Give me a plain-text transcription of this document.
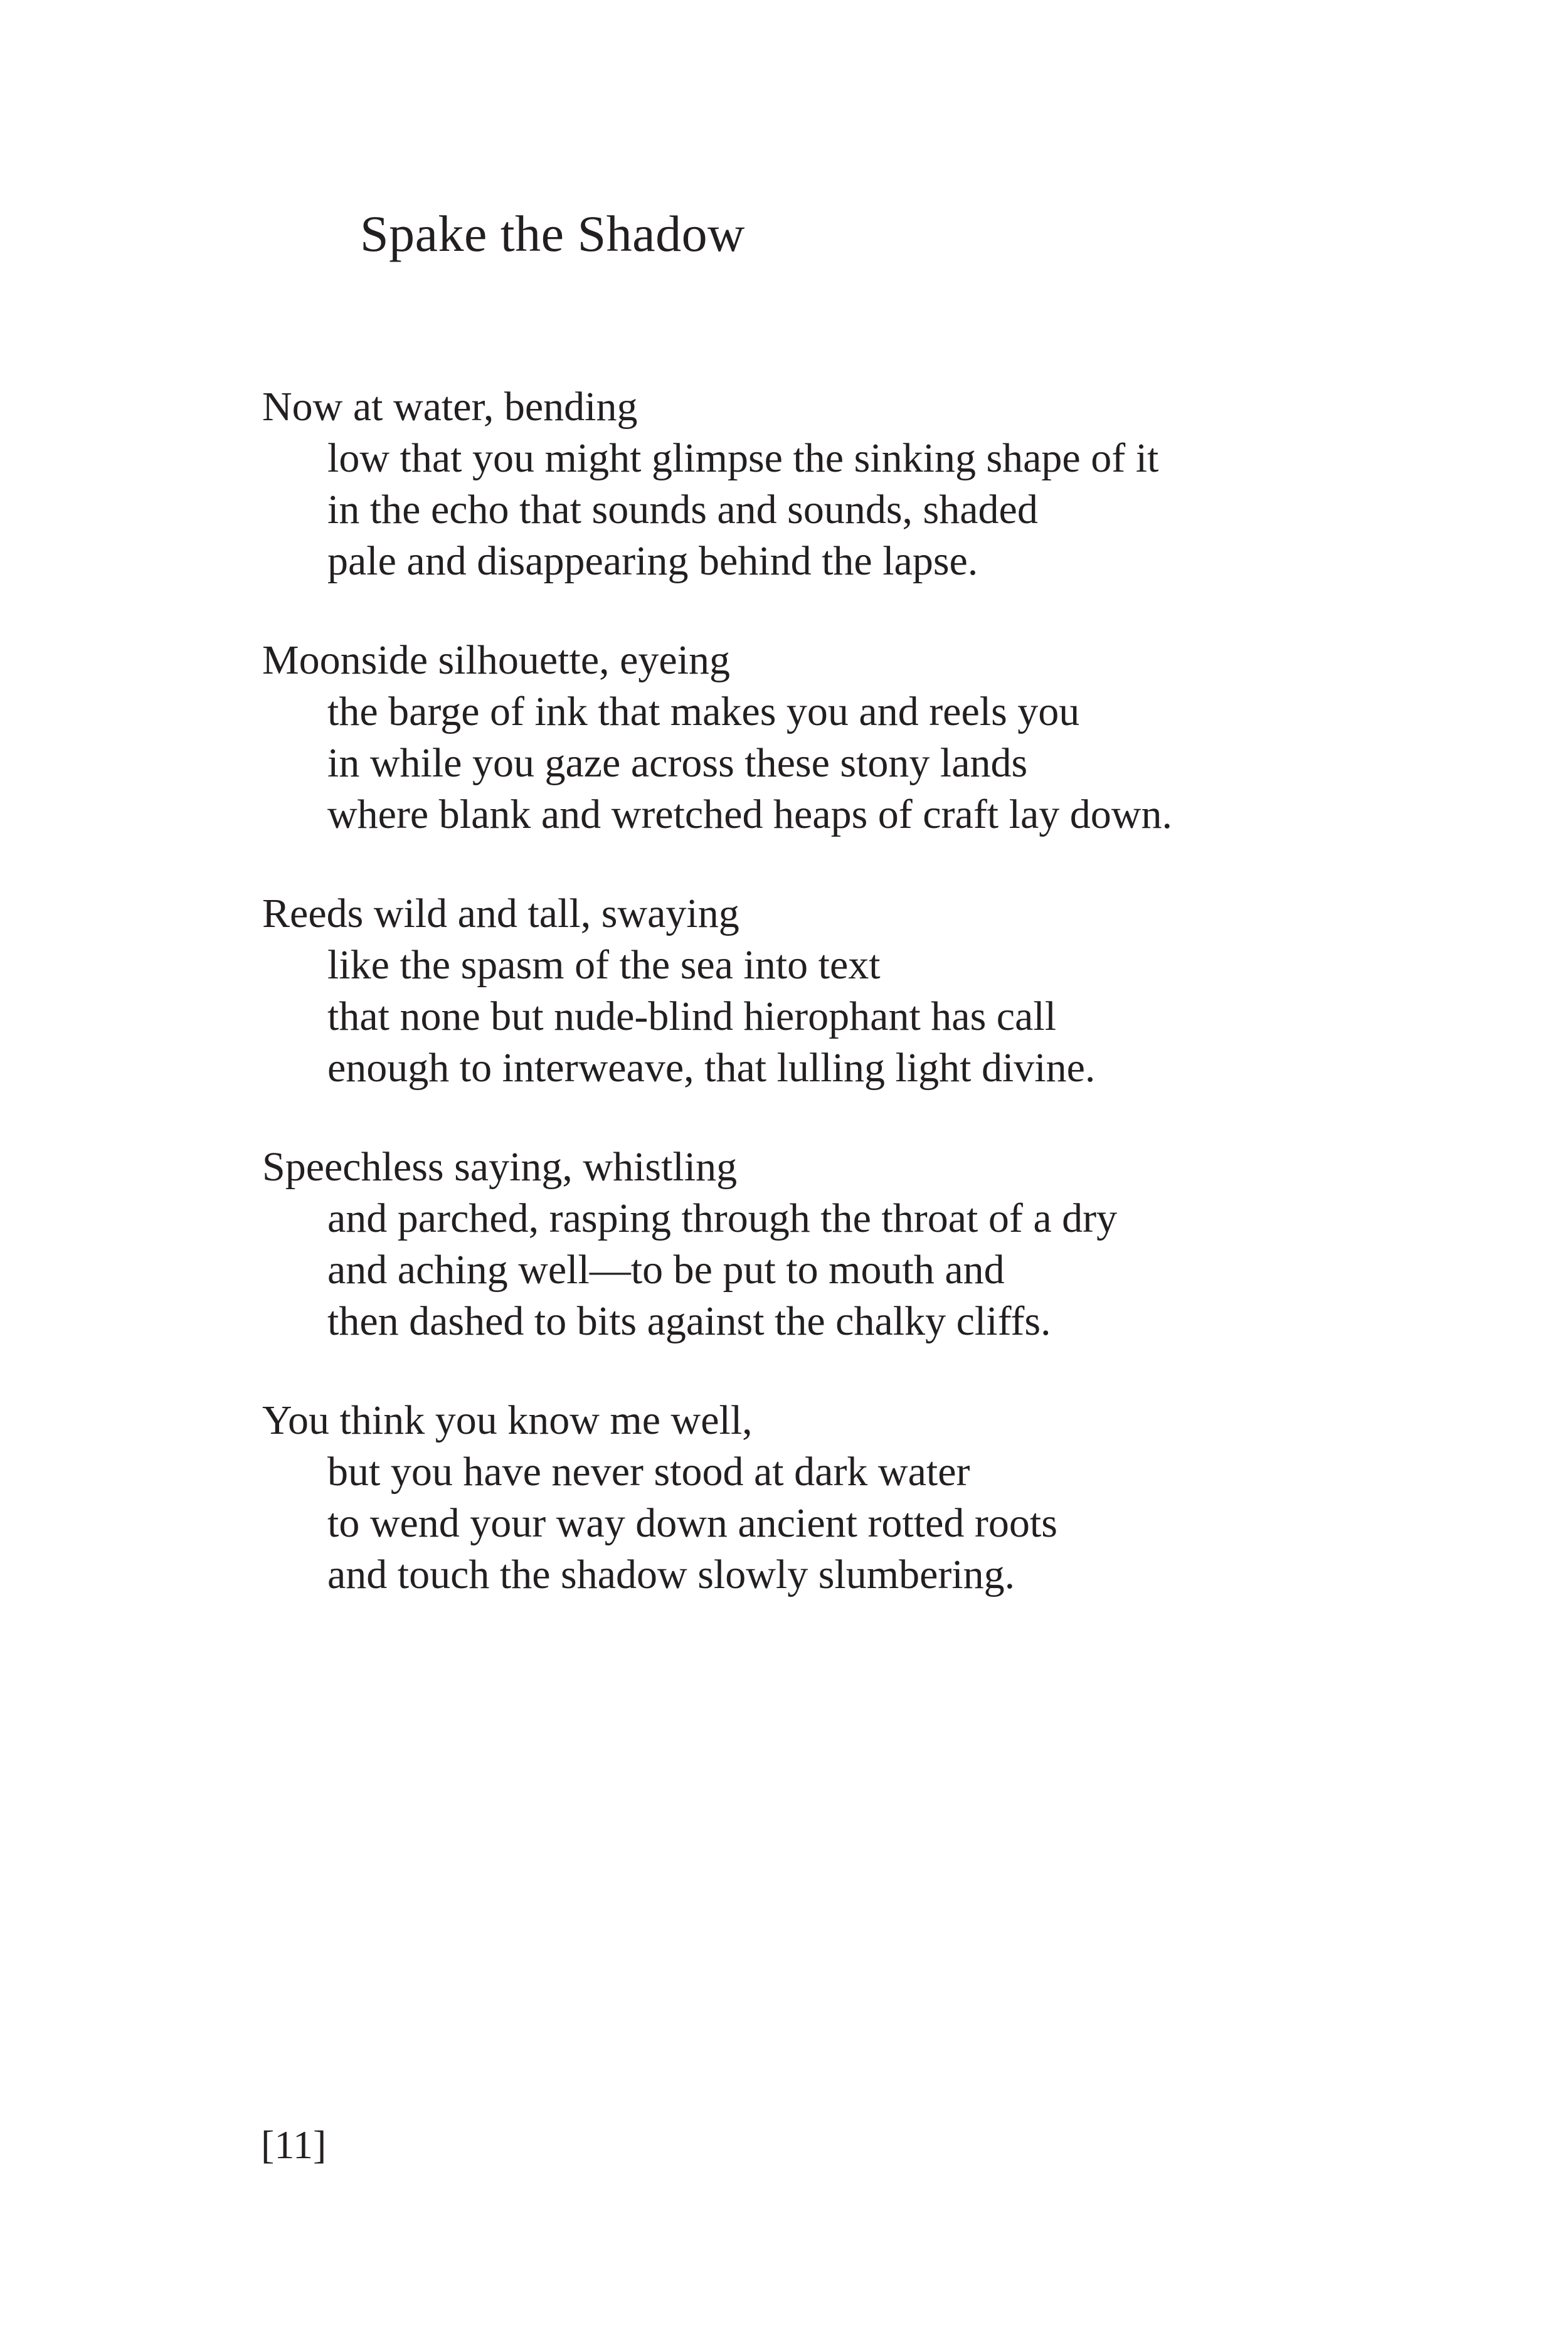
Spake the Shadow
Now at water, bending
low that you might glimpse the sinking shape of it
in the echo that sounds and sounds, shaded
pale and disappearing behind the lapse.
Moonside silhouette, eyeing
the barge of ink that makes you and reels you
in while you gaze across these stony lands
where blank and wretched heaps of craft lay down.
Reeds wild and tall, swaying
like the spasm of the sea into text
that none but nude-blind hierophant has call
enough to interweave, that lulling light divine.
Speechless saying, whistling
and parched, rasping through the throat of a dry
and aching well—to be put to mouth and
then dashed to bits against the chalky cliffs.
You think you know me well,
but you have never stood at dark water
to wend your way down ancient rotted roots
and touch the shadow slowly slumbering.
[11]
